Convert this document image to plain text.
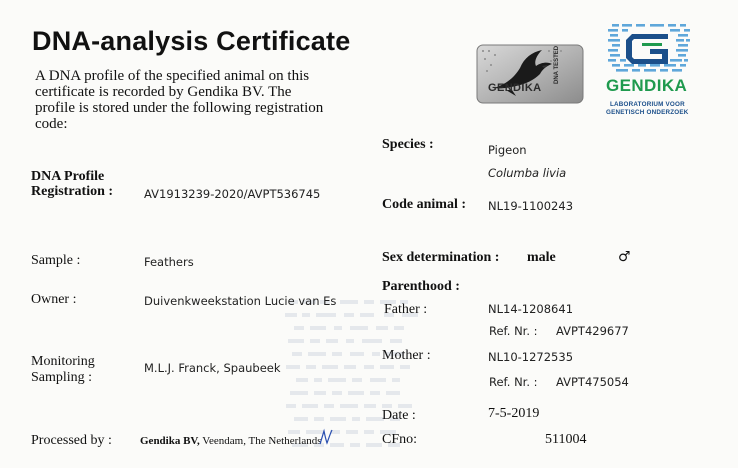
DNA-analysis Certificate
A DNA profile of the specified animal on this certificate is recorded by Gendika BV. The profile is stored under the following registration code:
GENDIKA
DNA TESTED
GENDIKA
LABORATORIUM VOOR
GENETISCH ONDERZOEK
DNA Profile
Registration :	AV1913239-2020/AVPT536745
Sample :	Feathers
Owner :	Duivenkweekstation Lucie van Es
Monitoring
Sampling :
M.L.J. Franck, Spaubeek
Processed by :	Gendika BV, Veendam, The Netherlands
Species :	Pigeon
Columba livia
Code animal : NL19-1100243
Sex determination : male	♂
Parenthood :
Father :	NL14-1208641
Ref. Nr. : AVPT429677
Mother :	NL10-1272535
Ref. Nr. : AVPT475054
Date :	7-5-2019
CFno:	511004
